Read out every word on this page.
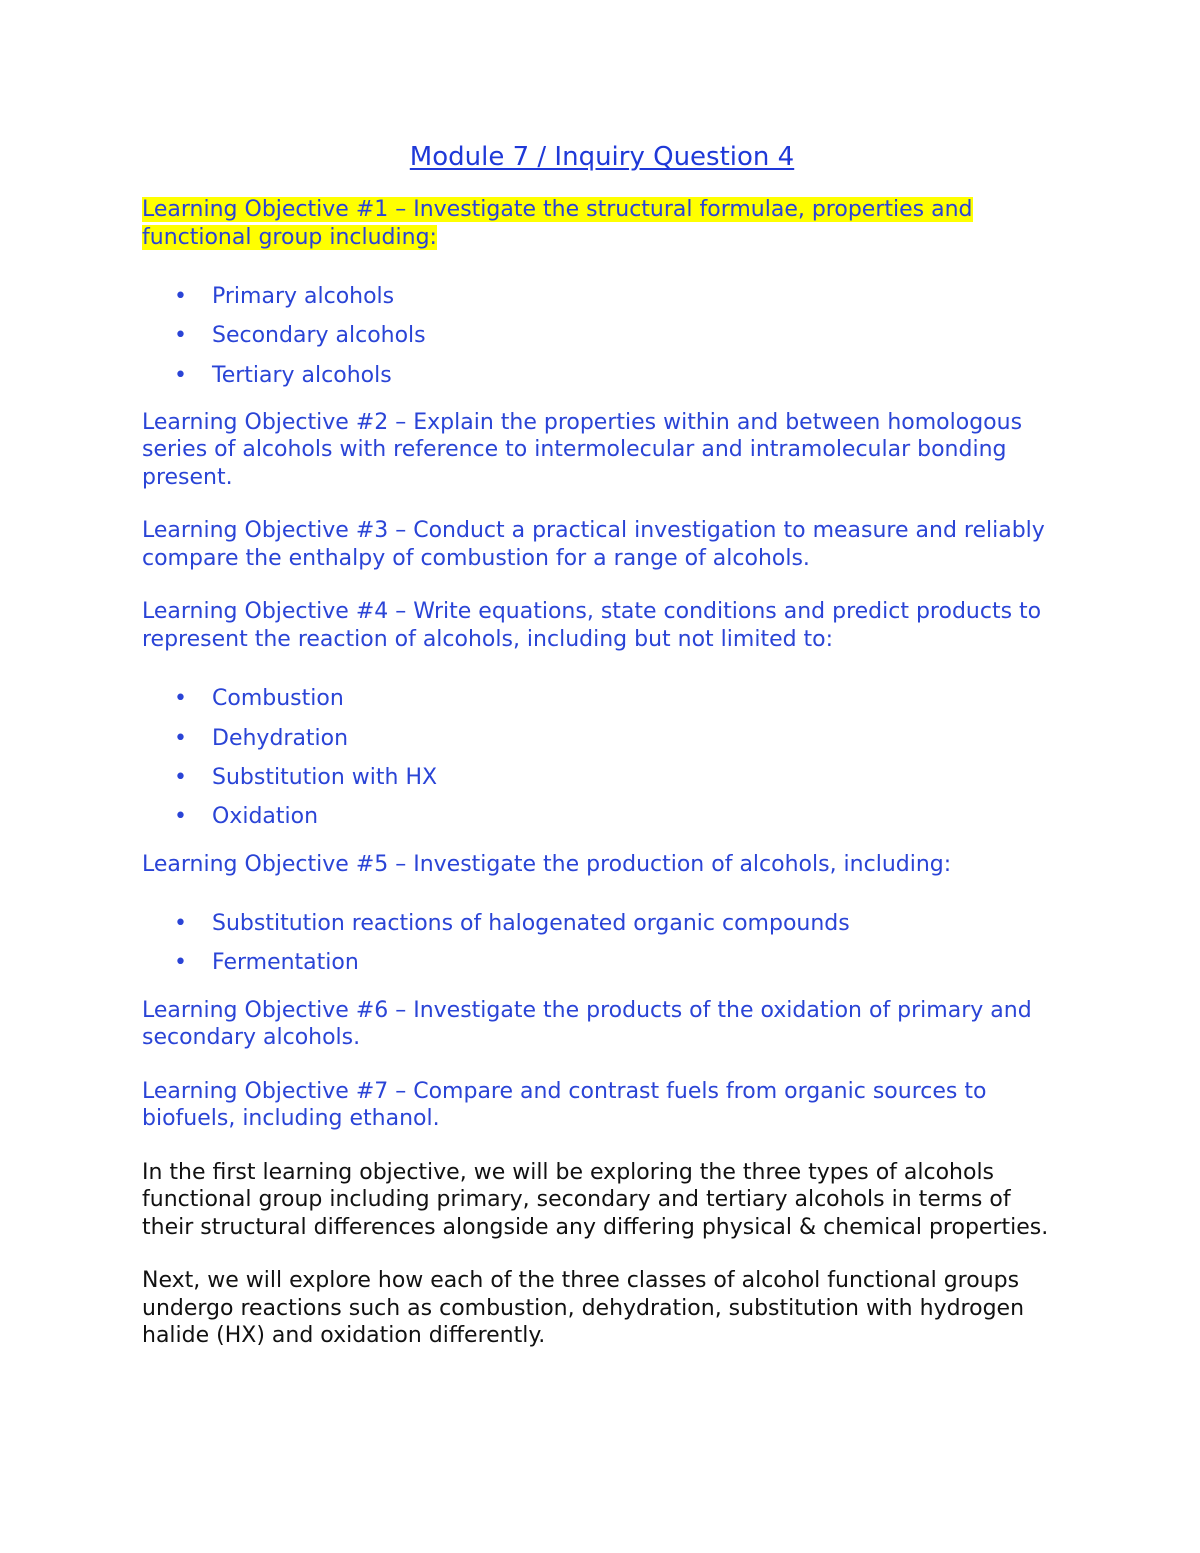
Module 7 / Inquiry Question 4

Learning Objective #1 – Investigate the structural formulae, properties and functional group including:

• Primary alcohols
• Secondary alcohols
• Tertiary alcohols

Learning Objective #2 – Explain the properties within and between homologous series of alcohols with reference to intermolecular and intramolecular bonding present.

Learning Objective #3 – Conduct a practical investigation to measure and reliably compare the enthalpy of combustion for a range of alcohols.

Learning Objective #4 – Write equations, state conditions and predict products to represent the reaction of alcohols, including but not limited to:

• Combustion
• Dehydration
• Substitution with HX
• Oxidation

Learning Objective #5 – Investigate the production of alcohols, including:

• Substitution reactions of halogenated organic compounds
• Fermentation

Learning Objective #6 – Investigate the products of the oxidation of primary and secondary alcohols.

Learning Objective #7 – Compare and contrast fuels from organic sources to biofuels, including ethanol.

In the first learning objective, we will be exploring the three types of alcohols functional group including primary, secondary and tertiary alcohols in terms of their structural differences alongside any differing physical & chemical properties.

Next, we will explore how each of the three classes of alcohol functional groups undergo reactions such as combustion, dehydration, substitution with hydrogen halide (HX) and oxidation differently.
